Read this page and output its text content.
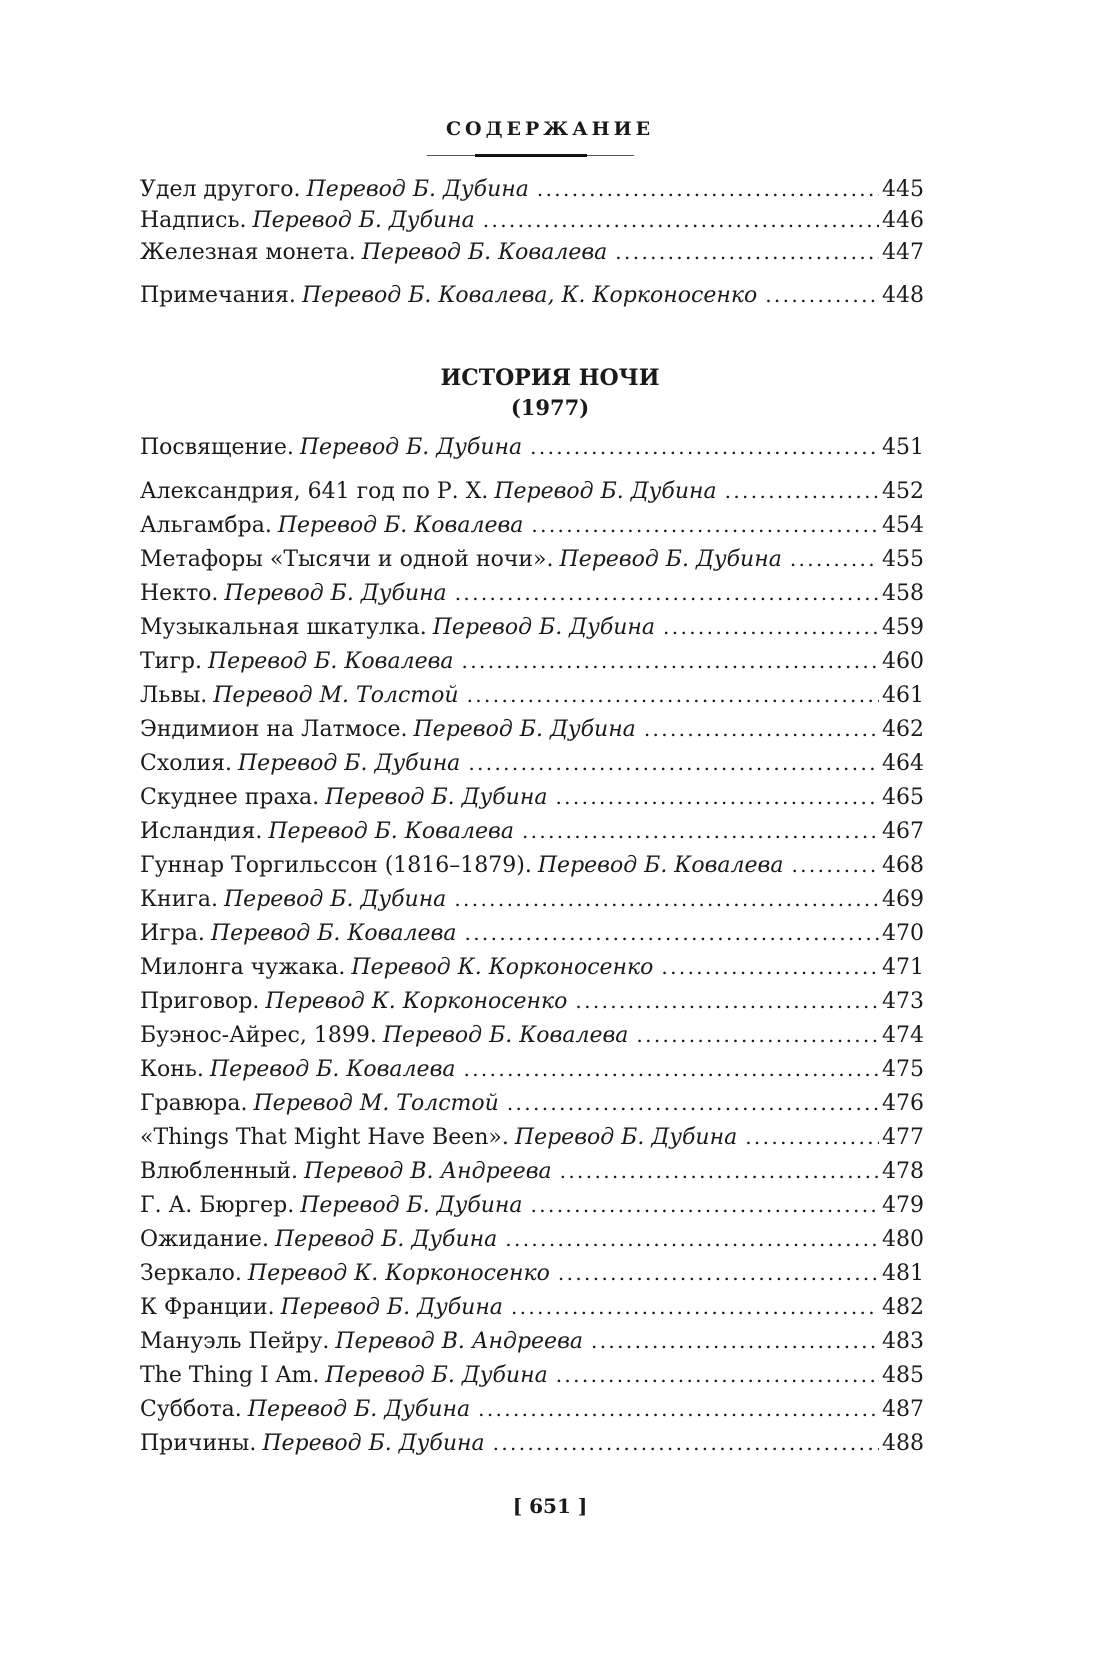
СОДЕРЖАНИЕ
Удел другого. Перевод Б. Дубина . . .	445
Надпись. Перевод Б. Дубина . . .	446
Железная монета. Перевод Б. Ковалева . . .	447
Примечания. Перевод Б. Ковалева, К. Корконосенко . . .	448
Посвящение. Перевод Б. Дубина . . .	451
Александрия, 641 год по Р. Х. Перевод Б. Дубина . . .	452
Альгамбра. Перевод Б. Ковалева . . .	454
Метафоры «Тысячи и одной ночи». Перевод Б. Дубина . . .	455
Некто. Перевод Б. Дубина . . .	458
Музыкальная шкатулка. Перевод Б. Дубина . . .	459
Тигр. Перевод Б. Ковалева . . .	460
Львы. Перевод М. Толстой . . .	461
Эндимион на Латмосе. Перевод Б. Дубина . . .	462
Схолия. Перевод Б. Дубина . . .	464
Скуднее праха. Перевод Б. Дубина . . .	465
Исландия. Перевод Б. Ковалева . . .	467
Гуннар Торгильссон (1816–1879). Перевод Б. Ковалева . . .	468
Книга. Перевод Б. Дубина . . .	469
Игра. Перевод Б. Ковалева . . .	470
Милонга чужака. Перевод К. Корконосенко . . .	471
Приговор. Перевод К. Корконосенко . . .	473
Буэнос-Айрес, 1899. Перевод Б. Ковалева . . .	474
Конь. Перевод Б. Ковалева . . .	475
Гравюра. Перевод М. Толстой . . .	476
«Things That Might Have Been». Перевод Б. Дубина . . .	477
Влюбленный. Перевод В. Андреева . . .	478
Г. А. Бюргер. Перевод Б. Дубина . . .	479
Ожидание. Перевод Б. Дубина . . .	480
Зеркало. Перевод К. Корконосенко . . .	481
К Франции. Перевод Б. Дубина . . .	482
Мануэль Пейру. Перевод В. Андреева . . .	483
The Thing I Am. Перевод Б. Дубина . . .	485
Суббота. Перевод Б. Дубина . . .	487
Причины. Перевод Б. Дубина . . .	488
ИСТОРИЯ НОЧИ
(1977)
[ 651 ]
